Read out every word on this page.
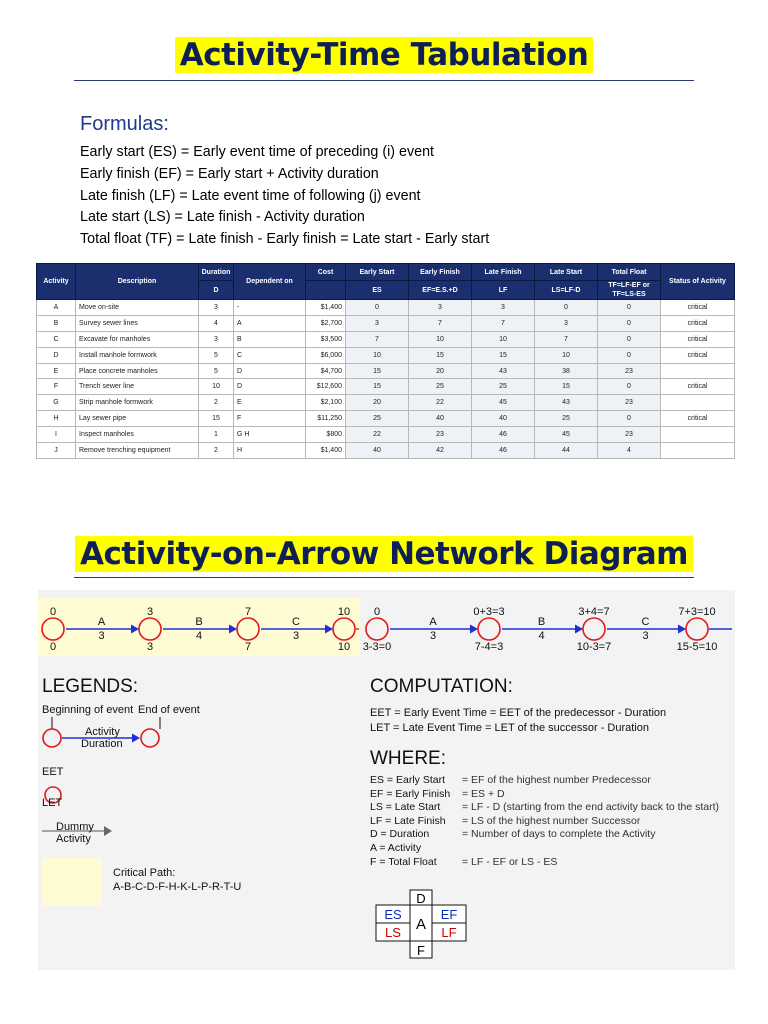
Activity-Time Tabulation
Formulas:
Early start (ES) = Early event time of preceding (i) event
Early finish (EF) = Early start + Activity duration
Late finish (LF) = Late event time of following (j) event
Late start (LS) = Late finish - Activity duration
Total float (TF) = Late finish - Early finish = Late start - Early start
Activity	Description	Duration	Dependent on	Cost	Early Start	Early Finish	Late Finish	Late Start	Total Float	Status of Activity
		D			ES	EF=E.S.+D	LF	LS=LF-D	TF=LF-EF or
TF=LS-ES	

A	Move on-site	3	-	$1,400	0	3	3	0	0	critical
B	Survey sewer lines	4	A	$2,700	3	7	7	3	0	critical
C	Excavate for manholes	3	B	$3,500	7	10	10	7	0	critical
D	Install manhole formwork	5	C	$6,000	10	15	15	10	0	critical
E	Place concrete manholes	5	D	$4,700	15	20	43	38	23	
F	Trench sewer line	10	D	$12,600	15	25	25	15	0	critical
G	Strip manhole formwork	2	E	$2,100	20	22	45	43	23	
H	Lay sewer pipe	15	F	$11,250	25	40	40	25	0	critical
I	Inspect manholes	1	G H	$800	22	23	46	45	23	
J	Remove trenching equipment	2	H	$1,400	40	42	46	44	4	
Activity-on-Arrow Network Diagram
0
0
3
3
7
7
10
10
A
3
B
4
C
3
0
3-3=0
0+3=3
7-4=3
3+4=7
10-3=7
7+3=10
15-5=10
A
3
B
4
C
3
LEGENDS:
Beginning of event End of event
Activity
Duration
EET
LET
Dummy
Activity
Critical Path:
A-B-C-D-F-H-K-L-P-R-T-U
COMPUTATION:
EET = Early Event Time = EET of the predecessor - Duration
LET = Late Event Time = LET of the successor - Duration
WHERE:
ES = Early Start = EF of the highest number Predecessor
EF = Early Finish = ES + D
LS = Late Start = LF - D (starting from the end activity back to the start)
LF = Late Finish = LS of the highest number Successor
D = Duration	= Number of days to complete the Activity
A = Activity
F = Total Float = LF - EF or LS - ES
D
ES
A
EF
LS	LF
F
